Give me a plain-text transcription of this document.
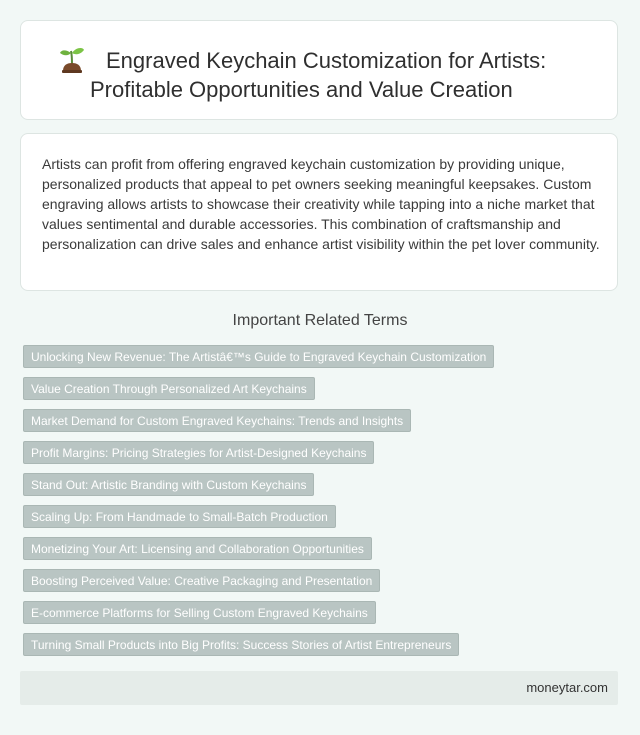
Engraved Keychain Customization for Artists: Profitable Opportunities and Value Creation

Artists can profit from offering engraved keychain customization by providing unique, personalized products that appeal to pet owners seeking meaningful keepsakes. Custom engraving allows artists to showcase their creativity while tapping into a niche market that values sentimental and durable accessories. This combination of craftsmanship and personalization can drive sales and enhance artist visibility within the pet lover community.

Important Related Terms
Unlocking New Revenue: The Artistâ€™s Guide to Engraved Keychain Customization
Value Creation Through Personalized Art Keychains
Market Demand for Custom Engraved Keychains: Trends and Insights
Profit Margins: Pricing Strategies for Artist-Designed Keychains
Stand Out: Artistic Branding with Custom Keychains
Scaling Up: From Handmade to Small-Batch Production
Monetizing Your Art: Licensing and Collaboration Opportunities
Boosting Perceived Value: Creative Packaging and Presentation
E-commerce Platforms for Selling Custom Engraved Keychains
Turning Small Products into Big Profits: Success Stories of Artist Entrepreneurs
moneytar.com
